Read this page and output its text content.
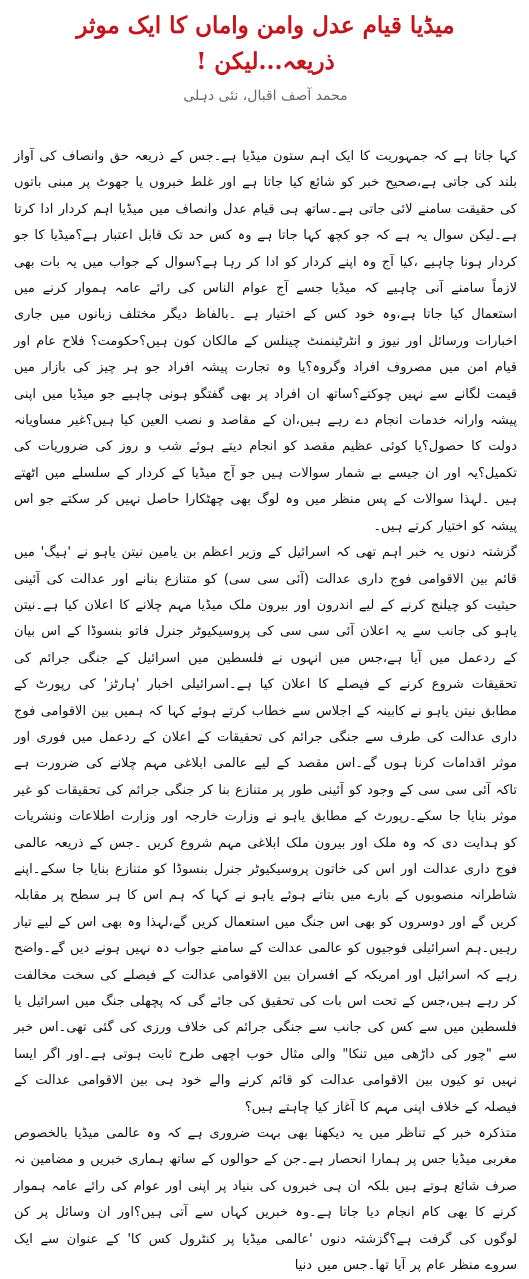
میڈیا قیام عدل وامن واماں کا ایک موثر ذریعہ...لیکن !
محمد آصف اقبال، نئی دہلی

کہا جاتا ہے کہ جمہوریت کا ایک اہم ستون میڈیا ہے۔جس کے ذریعہ حق وانصاف کی آواز بلند کی جاتی ہے،صحیح خبر کو شائع کیا جاتا ہے اور غلط خبروں یا جھوٹ پر مبنی باتوں کی حقیقت سامنے لائی جاتی ہے۔ساتھ ہی قیام عدل وانصاف میں میڈیا اہم کردار ادا کرتا ہے۔لیکن سوال یہ ہے کہ جو کچھ کہا جاتا ہے وہ کس حد تک قابل اعتبار ہے؟میڈیا کا جو کردار ہونا چاہیے ،کیا آج وہ اپنے کردار کو ادا کر رہا ہے؟سوال کے جواب میں یہ بات بھی لازماً سامنے آنی چاہیے کہ میڈیا جسے آج عوام الناس کی رائے عامہ ہموار کرنے میں استعمال کیا جاتا ہے،وہ خود کس کے اختیار ہے ۔بالفاظ دیگر مختلف زبانوں میں جاری اخبارات ورسائل اور نیوز و انٹرٹینمنٹ چینلس کے مالکان کون ہیں؟حکومت؟ فلاح عام اور قیام امن میں مصروف افراد وگروہ؟یا وہ تجارت پیشہ افراد جو ہر چیز کی بازار میں قیمت لگانے سے نہیں چوکتے؟ساتھ ان افراد پر بھی گفتگو ہونی چاہیے جو میڈیا میں اپنی پیشہ وارانہ خدمات انجام دے رہے ہیں،ان کے مقاصد و نصب العین کیا ہیں؟غیر مساویانہ دولت کا حصول؟یا کوئی عظیم مقصد کو انجام دیتے ہوئے شب و روز کی ضروریات کی تکمیل؟یہ اور ان جیسے بے شمار سوالات ہیں جو آج میڈیا کے کردار کے سلسلے میں اٹھتے ہیں ۔لہذا سوالات کے پس منظر میں وہ لوگ بھی چھٹکارا حاصل نہیں کر سکتے جو اس پیشہ کو اختیار کرتے ہیں۔

گزشتہ دنوں یہ خبر اہم تھی کہ اسرائیل کے وزیر اعظم بن یامین نیتن یاہو نے 'ہیگ' میں قائم بین الاقوامی فوج داری عدالت (آئی سی سی) کو متنازع بنانے اور عدالت کی آئینی حیثیت کو چیلنج کرنے کے لیے اندرون اور بیرون ملک میڈیا مہم چلانے کا اعلان کیا ہے۔نیتن یاہو کی جانب سے یہ اعلان آئی سی سی کی پروسیکیوٹر جنرل فاتو بنسوڈا کے اس بیان کے ردعمل میں آیا ہے،جس میں انہوں نے فلسطین میں اسرائیل کے جنگی جرائم کی تحقیقات شروع کرنے کے فیصلے کا اعلان کیا ہے۔اسرائیلی اخبار 'ہارٹز' کی رپورٹ کے مطابق نیتن یاہو نے کابینہ کے اجلاس سے خطاب کرتے ہوئے کہا کہ ہمیں بین الاقوامی فوج داری عدالت کی طرف سے جنگی جرائم کی تحقیقات کے اعلان کے ردعمل میں فوری اور موثر اقدامات کرنا ہوں گے۔اس مقصد کے لیے عالمی ابلاغی مہم چلانے کی ضرورت ہے تاکہ آئی سی سی کے وجود کو آئینی طور پر متنازع بنا کر جنگی جرائم کی تحقیقات کو غیر موثر بنایا جا سکے۔رپورٹ کے مطابق یاہو نے وزارت خارجہ اور وزارت اطلاعات ونشریات کو ہدایت دی کہ وہ ملک اور بیرون ملک ابلاغی مہم شروع کریں ۔جس کے ذریعہ عالمی فوج داری عدالت اور اس کی خاتون پروسیکیوٹر جنرل بنسوڈا کو متنازع بنایا جا سکے۔اپنے شاطرانہ منصوبوں کے بارے میں بتاتے ہوئے یاہو نے کہا کہ ہم اس کا ہر سطح پر مقابلہ کریں گے اور دوسروں کو بھی اس جنگ میں استعمال کریں گے،لہذا وہ بھی اس کے لیے تیار رہیں۔ہم اسرائیلی فوجیوں کو عالمی عدالت کے سامنے جواب دہ نہیں ہونے دیں گے۔واضح رہے کہ اسرائیل اور امریکہ کے افسران بین الاقوامی عدالت کے فیصلے کی سخت مخالفت کر رہے ہیں،جس کے تحت اس بات کی تحقیق کی جائے گی کہ پچھلی جنگ میں اسرائیل یا فلسطین میں سے کس کی جانب سے جنگی جرائم کی خلاف ورزی کی گئی تھی۔اس خبر سے "چور کی داڑھی میں تنکا" والی مثال خوب اچھی طرح ثابت ہوتی ہے۔اور اگر ایسا نہیں تو کیوں بین الاقوامی عدالت کو قائم کرنے والے خود ہی بین الاقوامی عدالت کے فیصلہ کے خلاف اپنی مہم کا آغاز کیا چاہتے ہیں؟

متذکرہ خبر کے تناظر میں یہ دیکھنا بھی بہت ضروری ہے کہ وہ عالمی میڈیا بالخصوص مغربی میڈیا جس پر ہمارا انحصار ہے۔جن کے حوالوں کے ساتھ ہماری خبریں و مضامین نہ صرف شائع ہوتے ہیں بلکہ ان ہی خبروں کی بنیاد پر اپنی اور عوام کی رائے عامہ ہموار کرنے کا بھی کام انجام دیا جاتا ہے۔وہ خبریں کہاں سے آتی ہیں؟اور ان وسائل پر کن لوگوں کی گرفت ہے؟گزشتہ دنوں 'عالمی میڈیا پر کنٹرول کس کا' کے عنوان سے ایک سروے منظر عام پر آیا تھا۔جس میں دنیا
